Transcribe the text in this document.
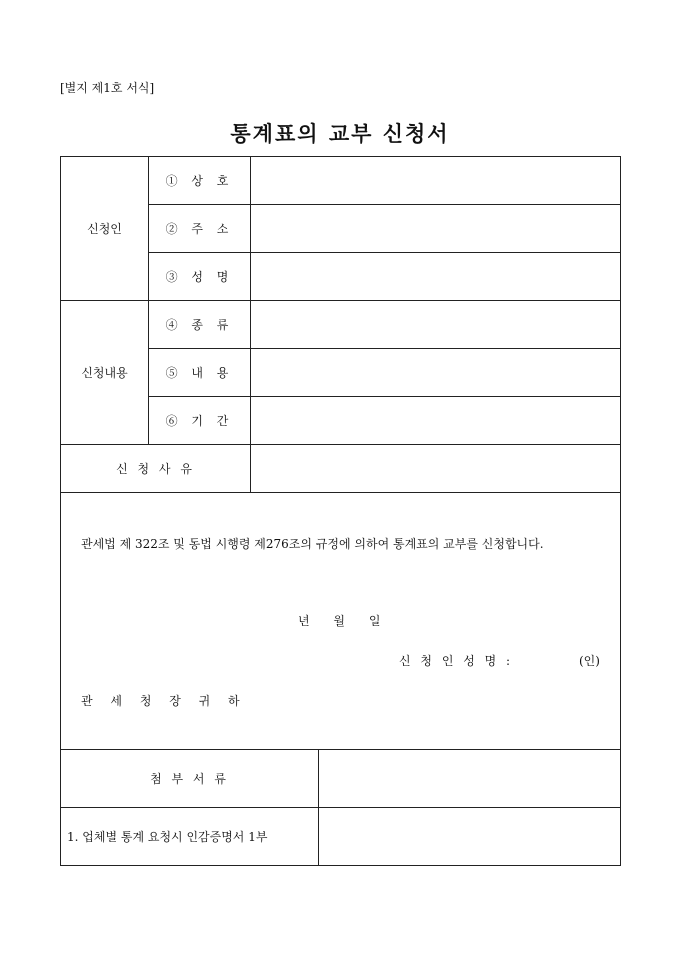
[별지 제1호 서식]
통계표의 교부 신청서
신청인	① 상 호	
	② 주 소	
	③ 성 명	
신청내용	④ 종 류	
	⑤ 내 용	
	⑥ 기 간	
신 청 사 유		
관세법 제 322조 및 동법 시행령 제276조의 규정에 의하여 통계표의 교부를 신청합니다.
년 월 일
신 청 인 성 명 :	(인)
관 세 청 장 귀 하
첨 부 서 류	
1. 업체별 통계 요청시 인감증명서 1부	
